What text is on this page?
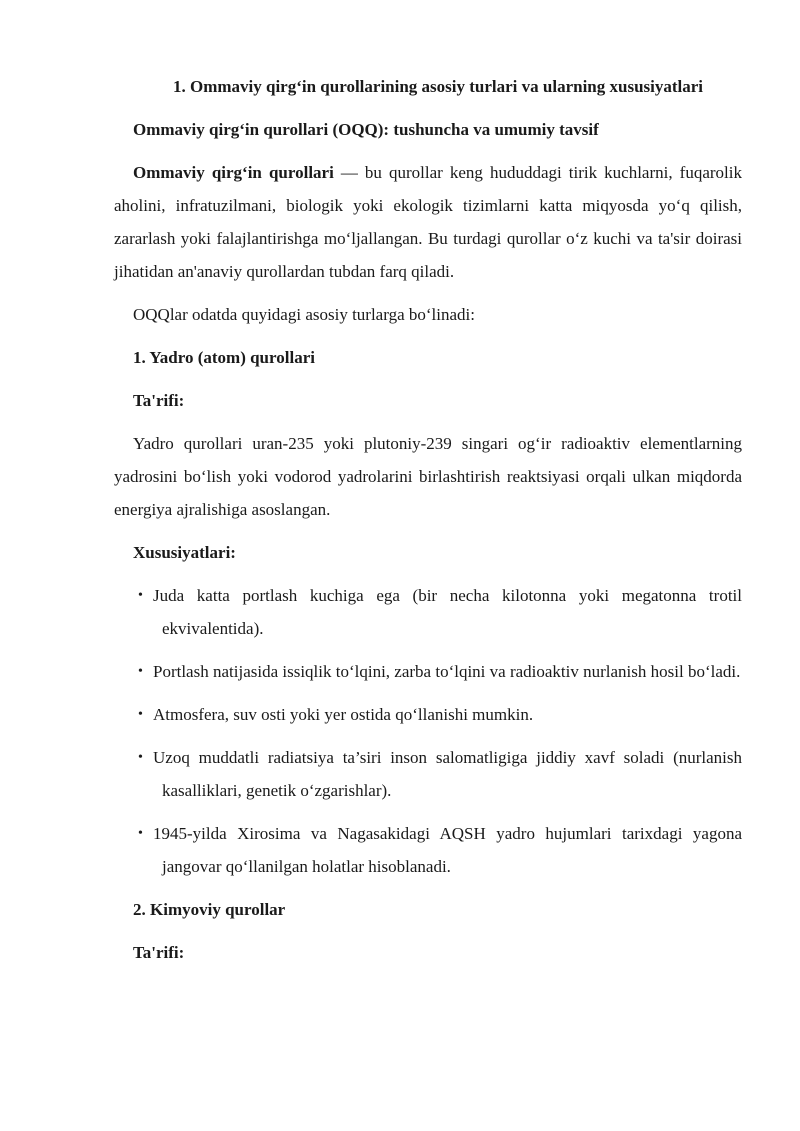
1. Ommaviy qirg‘in qurollarining asosiy turlari va ularning xususiyatlari

Ommaviy qirg‘in qurollari (OQQ): tushuncha va umumiy tavsif

Ommaviy qirg‘in qurollari — bu qurollar keng hududdagi tirik kuchlarni, fuqarolik aholini, infratuzilmani, biologik yoki ekologik tizimlarni katta miqyosda yo‘q qilish, zararlash yoki falajlantirishga mo‘ljallangan. Bu turdagi qurollar o‘z kuchi va ta'sir doirasi jihatidan an'anaviy qurollardan tubdan farq qiladi.

OQQlar odatda quyidagi asosiy turlarga bo‘linadi:

1. Yadro (atom) qurollari

Ta'rifi:

Yadro qurollari uran-235 yoki plutoniy-239 singari og‘ir radioaktiv elementlarning yadrosini bo‘lish yoki vodorod yadrolarini birlashtirish reaktsiyasi orqali ulkan miqdorda energiya ajralishiga asoslangan.

Xususiyatlari:

• Juda katta portlash kuchiga ega (bir necha kilotonna yoki megatonna trotil ekvivalentida).
• Portlash natijasida issiqlik to‘lqini, zarba to‘lqini va radioaktiv nurlanish hosil bo‘ladi.
• Atmosfera, suv osti yoki yer ostida qo‘llanishi mumkin.
• Uzoq muddatli radiatsiya ta’siri inson salomatligiga jiddiy xavf soladi (nurlanish kasalliklari, genetik o‘zgarishlar).
• 1945-yilda Xirosima va Nagasakidagi AQSH yadro hujumlari tarixdagi yagona jangovar qo‘llanilgan holatlar hisoblanadi.

2. Kimyoviy qurollar

Ta'rifi:
